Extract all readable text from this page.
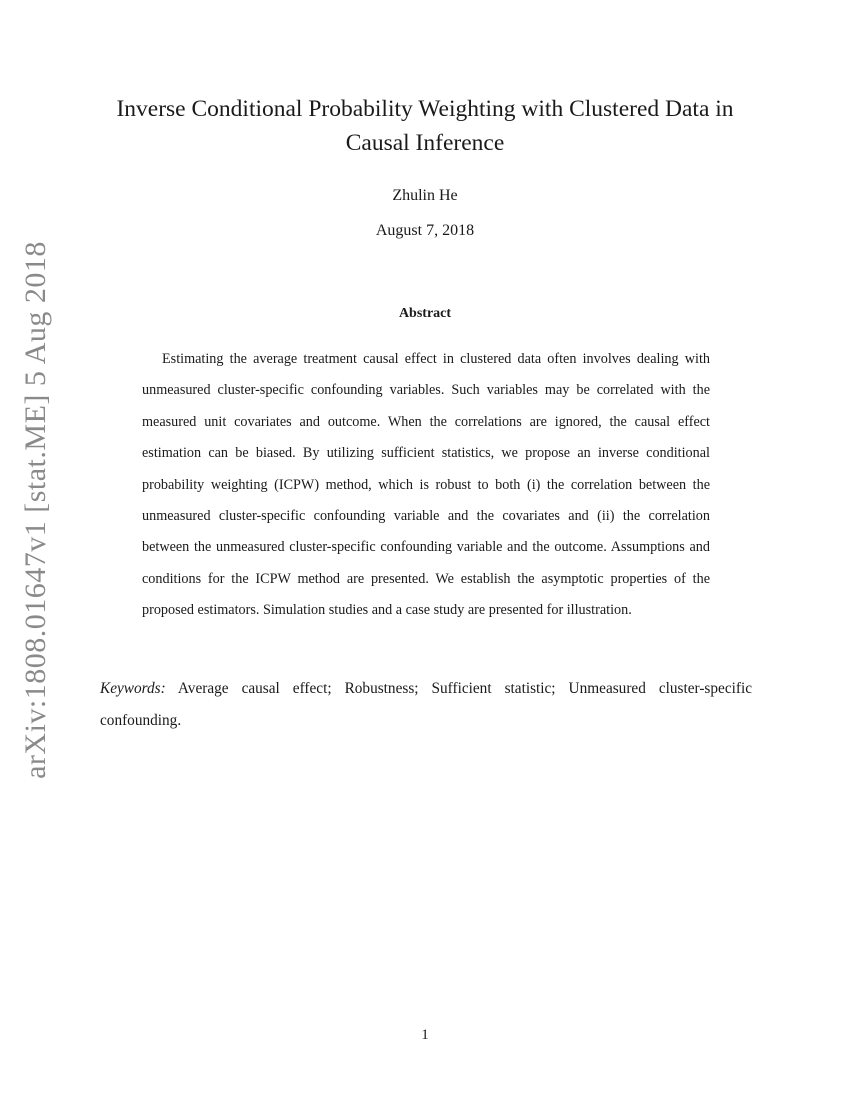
arXiv:1808.01647v1 [stat.ME] 5 Aug 2018
Inverse Conditional Probability Weighting with Clustered Data in Causal Inference
Zhulin He
August 7, 2018
Abstract

Estimating the average treatment causal effect in clustered data often involves dealing with unmeasured cluster-specific confounding variables. Such variables may be correlated with the measured unit covariates and outcome. When the correlations are ignored, the causal effect estimation can be biased. By utilizing sufficient statistics, we propose an inverse conditional probability weighting (ICPW) method, which is robust to both (i) the correlation between the unmeasured cluster-specific confounding variable and the covariates and (ii) the correlation between the unmeasured cluster-specific confounding variable and the outcome. Assumptions and conditions for the ICPW method are presented. We establish the asymptotic properties of the proposed estimators. Simulation studies and a case study are presented for illustration.

Keywords: Average causal effect; Robustness; Sufficient statistic; Unmeasured cluster-specific confounding.

1
